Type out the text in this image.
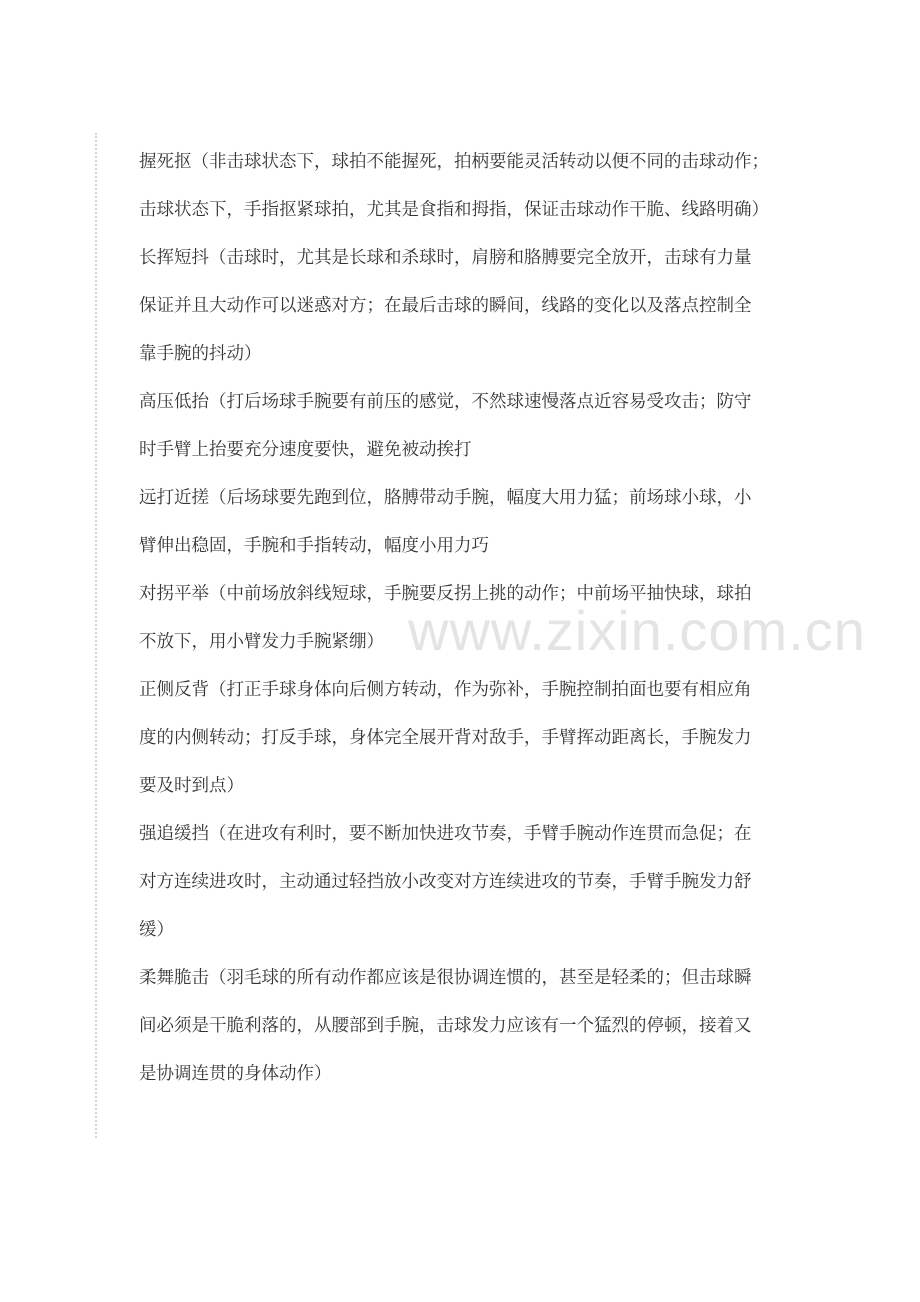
握死抠（非击球状态下，球拍不能握死，拍柄要能灵活转动以便不同的击球动作；
击球状态下，手指抠紧球拍，尤其是食指和拇指，保证击球动作干脆、线路明确）
长挥短抖（击球时，尤其是长球和杀球时，肩膀和胳膊要完全放开，击球有力量
保证并且大动作可以迷惑对方；在最后击球的瞬间，线路的变化以及落点控制全
靠手腕的抖动）
高压低抬（打后场球手腕要有前压的感觉，不然球速慢落点近容易受攻击；防守
时手臂上抬要充分速度要快，避免被动挨打
远打近搓（后场球要先跑到位，胳膊带动手腕，幅度大用力猛；前场球小球，小
臂伸出稳固，手腕和手指转动，幅度小用力巧
对拐平举（中前场放斜线短球，手腕要反拐上挑的动作；中前场平抽快球，球拍
不放下，用小臂发力手腕紧绷）
正侧反背（打正手球身体向后侧方转动，作为弥补，手腕控制拍面也要有相应角
度的内侧转动；打反手球，身体完全展开背对敌手，手臂挥动距离长，手腕发力
要及时到点）
强追缓挡（在进攻有利时，要不断加快进攻节奏，手臂手腕动作连贯而急促；在
对方连续进攻时，主动通过轻挡放小改变对方连续进攻的节奏，手臂手腕发力舒
缓）
柔舞脆击（羽毛球的所有动作都应该是很协调连惯的，甚至是轻柔的；但击球瞬
间必须是干脆利落的，从腰部到手腕，击球发力应该有一个猛烈的停顿，接着又
是协调连贯的身体动作）
www.zixin.com.cn
